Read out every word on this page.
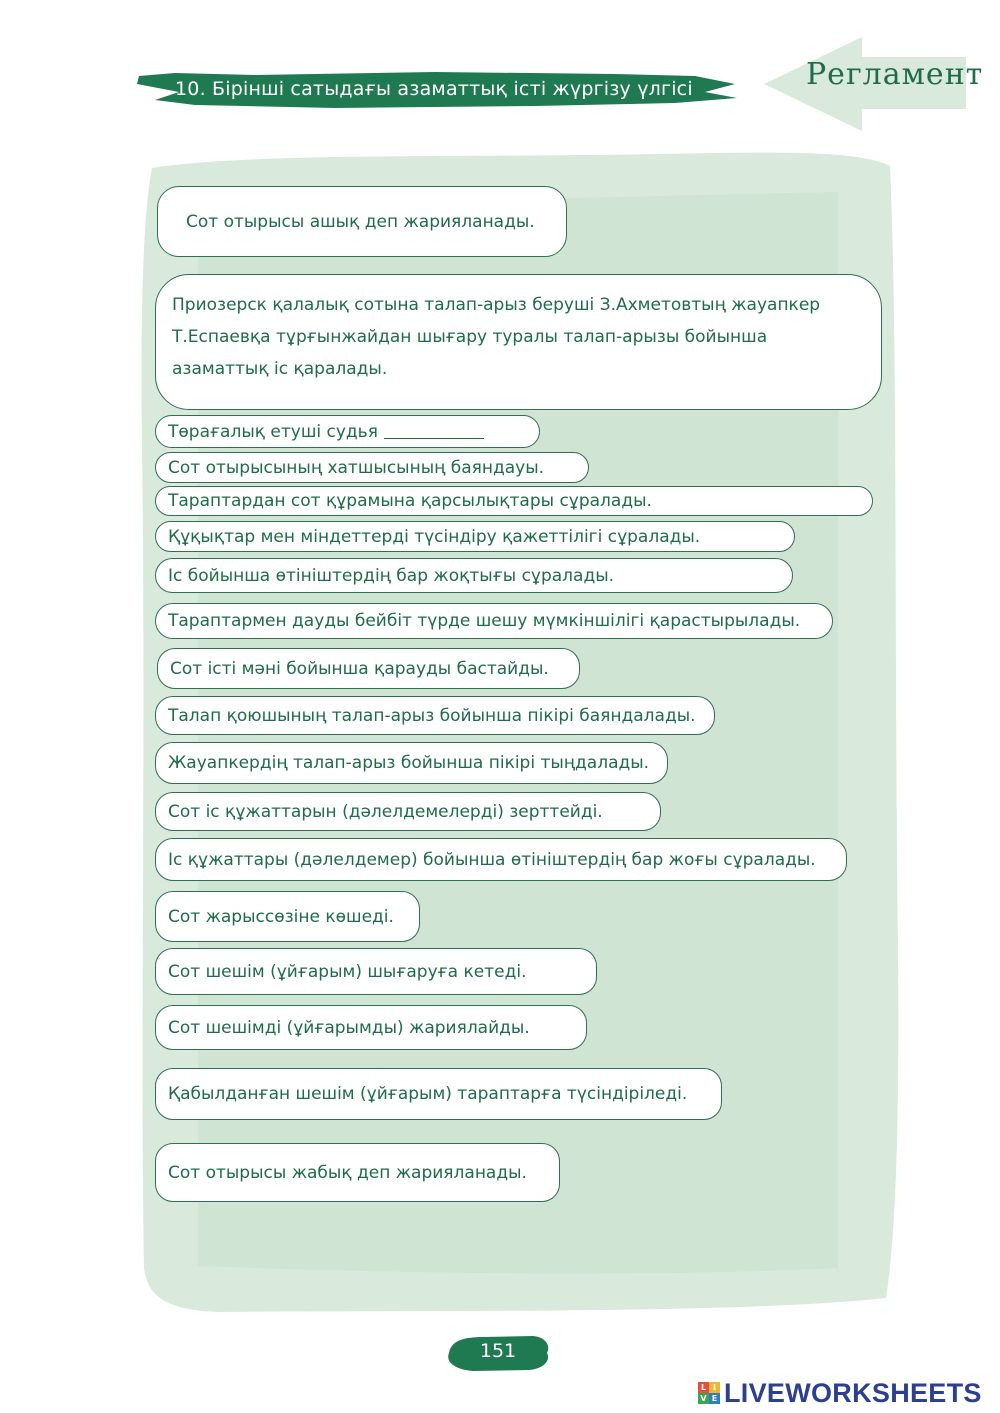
10. Бірінші сатыдағы азаматтық істі жүргізу үлгісі	Регламент
Сот отырысы ашық деп жарияланады.
Приозерск қалалық сотына талап-арыз беруші З.Ахметовтың жауапкер Т.Еспаевқа тұрғынжайдан шығару туралы талап-арызы бойынша азаматтық іс қаралады.
Төрағалық етуші судья
Сот отырысының хатшысының баяндауы.
Тараптардан сот құрамына қарсылықтары сұралады.
Құқықтар мен міндеттерді түсіндіру қажеттілігі сұралады.
Іс бойынша өтініштердің бар жоқтығы сұралады.
Тараптармен дауды бейбіт түрде шешу мүмкіншілігі қарастырылады.
Сот істі мәні бойынша қарауды бастайды.
Талап қоюшының талап-арыз бойынша пікірі баяндалады.
Жауапкердің талап-арыз бойынша пікірі тыңдалады.
Сот іс құжаттарын (дәлелдемелерді) зерттейді.
Іс құжаттары (дәлелдемер) бойынша өтініштердің бар жоғы сұралады.
Сот жарыссөзіне көшеді.
Сот шешім (ұйғарым) шығаруға кетеді.
Сот шешімді (ұйғарымды) жариялайды.
Қабылданған шешім (ұйғарым) тараптарға түсіндіріледі.
Сот отырысы жабық деп жарияланады.
151
L I
V E LIVEWORKSHEETS
